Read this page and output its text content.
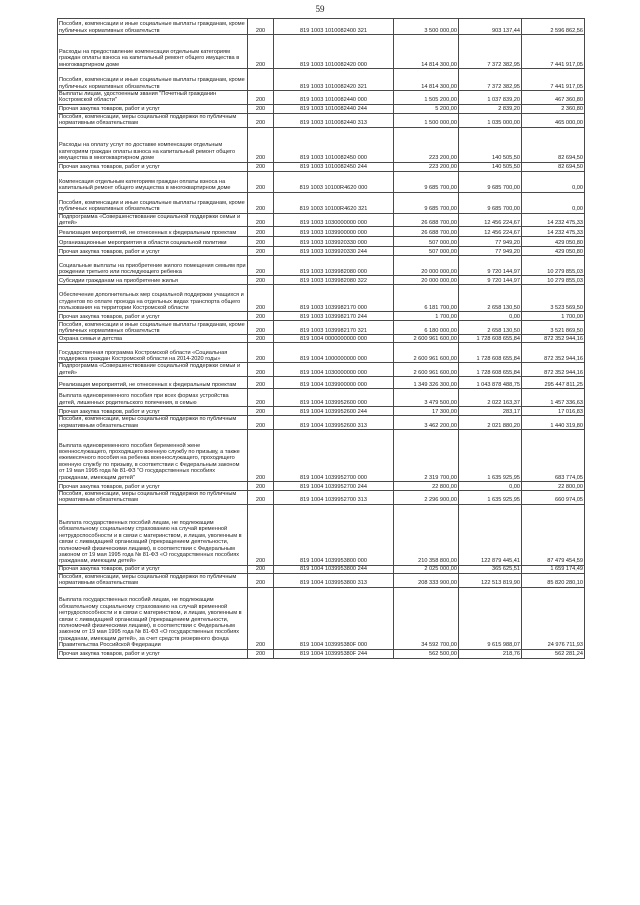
59
Пособия, компенсации и иные социальные выплаты гражданам, кроме публичных нормативных обязательств	200	819 1003 1010082400 321	3 500 000,00	903 137,44	2 596 862,56
Расходы на предоставление компенсации отдельным категориям граждан оплаты взноса на капитальный ремонт общего имущества в многоквартирном доме	200	819 1003 1010082420 000	14 814 300,00	7 372 382,95	7 441 917,05
Пособия, компенсации и иные социальные выплаты гражданам, кроме публичных нормативных обязательств		819 1003 1010082420 321	14 814 300,00	7 372 382,95	7 441 917,05
Выплаты лицам, удостоенным звания "Почетный гражданин Костромской области"	200	819 1003 1010082440 000	1 505 200,00	1 037 839,20	467 360,80
Прочая закупка товаров, работ и услуг	200	819 1003 1010082440 244	5 200,00	2 839,20	2 360,80
Пособия, компенсации, меры социальной поддержки по публичным нормативным обязательствам	200	819 1003 1010082440 313	1 500 000,00	1 035 000,00	465 000,00
Расходы на оплату услуг по доставке компенсации отдельным категориям граждан оплаты взноса на капитальный ремонт общего имущества в многоквартирном доме	200	819 1003 1010082450 000	223 200,00	140 505,50	82 694,50
Прочая закупка товаров, работ и услуг	200	819 1003 1010082450 244	223 200,00	140 505,50	82 694,50
Компенсация отдельным категориям граждан оплаты взноса на капитальный ремонт общего имущества в многоквартирном доме	200	819 1003 10100R4620 000	9 685 700,00	9 685 700,00	0,00
Пособия, компенсации и иные социальные выплаты гражданам, кроме публичных нормативных обязательств	200	819 1003 10100R4620 321	9 685 700,00	9 685 700,00	0,00
Подпрограмма «Совершенствование социальной поддержки семьи и детей»	200	819 1003 1030000000 000	26 688 700,00	12 456 224,67	14 232 475,33
Реализация мероприятий, не отнесенных к федеральным проектам	200	819 1003 1039900000 000	26 688 700,00	12 456 224,67	14 232 475,33
Организационные мероприятия в области социальной политики	200	819 1003 1039920330 000	507 000,00	77 949,20	429 050,80
Прочая закупка товаров, работ и услуг	200	819 1003 1039920330 244	507 000,00	77 949,20	429 050,80
Социальные выплаты на приобретение жилого помещения семьям при рождении третьего или последующего ребенка	200	819 1003 1039982080 000	20 000 000,00	9 720 144,97	10 279 855,03
Субсидии гражданам на приобретение жилья	200	819 1003 1039982080 322	20 000 000,00	9 720 144,97	10 279 855,03
Обеспечение дополнительных мер социальной поддержки учащихся и студентов по оплате проезда на отдельных видах транспорта общего пользования на территории Костромской области	200	819 1003 1039982170 000	6 181 700,00	2 658 130,50	3 523 569,50
Прочая закупка товаров, работ и услуг	200	819 1003 1039982170 244	1 700,00	0,00	1 700,00
Пособия, компенсации и иные социальные выплаты гражданам, кроме публичных нормативных обязательств	200	819 1003 1039982170 321	6 180 000,00	2 658 130,50	3 521 869,50
Охрана семьи и детства	200	819 1004 0000000000 000	2 600 961 600,00	1 728 608 655,84	872 352 944,16
Государственная программа Костромской области «Социальная поддержка граждан Костромской области на 2014-2020 годы»	200	819 1004 1000000000 000	2 600 961 600,00	1 728 608 655,84	872 352 944,16
Подпрограмма «Совершенствование социальной поддержки семьи и детей»	200	819 1004 1030000000 000	2 600 961 600,00	1 728 608 655,84	872 352 944,16
Реализация мероприятий, не отнесенных к федеральным проектам	200	819 1004 1039900000 000	1 349 326 300,00	1 043 878 488,75	295 447 811,25
Выплата единовременного пособия при всех формах устройства детей, лишенных родительского попечения, в семью	200	819 1004 1039952600 000	3 479 500,00	2 022 163,37	1 457 336,63
Прочая закупка товаров, работ и услуг	200	819 1004 1039952600 244	17 300,00	283,17	17 016,83
Пособия, компенсации, меры социальной поддержки по публичным нормативным обязательствам	200	819 1004 1039952600 313	3 462 200,00	2 021 880,20	1 440 319,80
Выплата единовременного пособия беременной жене военнослужащего, проходящего военную службу по призыву, а также ежемесячного пособия на ребенка военнослужащего, проходящего военную службу по призыву, в соответствии с Федеральным законом от 19 мая 1995 года № 81-ФЗ "О государственных пособиях гражданам, имеющим детей"	200	819 1004 1039952700 000	2 319 700,00	1 635 925,95	683 774,05
Прочая закупка товаров, работ и услуг	200	819 1004 1039952700 244	22 800,00	0,00	22 800,00
Пособия, компенсации, меры социальной поддержки по публичным нормативным обязательствам	200	819 1004 1039952700 313	2 296 900,00	1 635 925,95	660 974,05
Выплата государственных пособий лицам, не подлежащим обязательному социальному страхованию на случай временной нетрудоспособности и в связи с материнством, и лицам, уволенным в связи с ликвидацией организаций (прекращением деятельности, полномочий физическими лицами), в соответствии с Федеральным законом от 19 мая 1995 года № 81-ФЗ «О государственных пособиях гражданам, имеющим детей»	200	819 1004 1039953800 000	210 358 800,00	122 879 445,41	87 479 454,59
Прочая закупка товаров, работ и услуг	200	819 1004 1039953800 244	2 025 000,00	365 625,51	1 659 174,49
Пособия, компенсации, меры социальной поддержки по публичным нормативным обязательствам	200	819 1004 1039953800 313	208 333 900,00	122 513 819,90	85 820 280,10
Выплата государственных пособий лицам, не подлежащим обязательному социальному страхованию на случай временной нетрудоспособности и в связи с материнством, и лицам, уволенным в связи с ликвидацией организаций (прекращением деятельности, полномочий физическими лицами), в соответствии с Федеральным законом от 19 мая 1995 года № 81-ФЗ «О государственных пособиях гражданам, имеющим детей», за счет средств резервного фонда Правительства Российской Федерации	200	819 1004 103995380F 000	34 592 700,00	9 615 988,07	24 976 711,93
Прочая закупка товаров, работ и услуг	200	819 1004 103995380F 244	562 500,00	218,76	562 281,24
